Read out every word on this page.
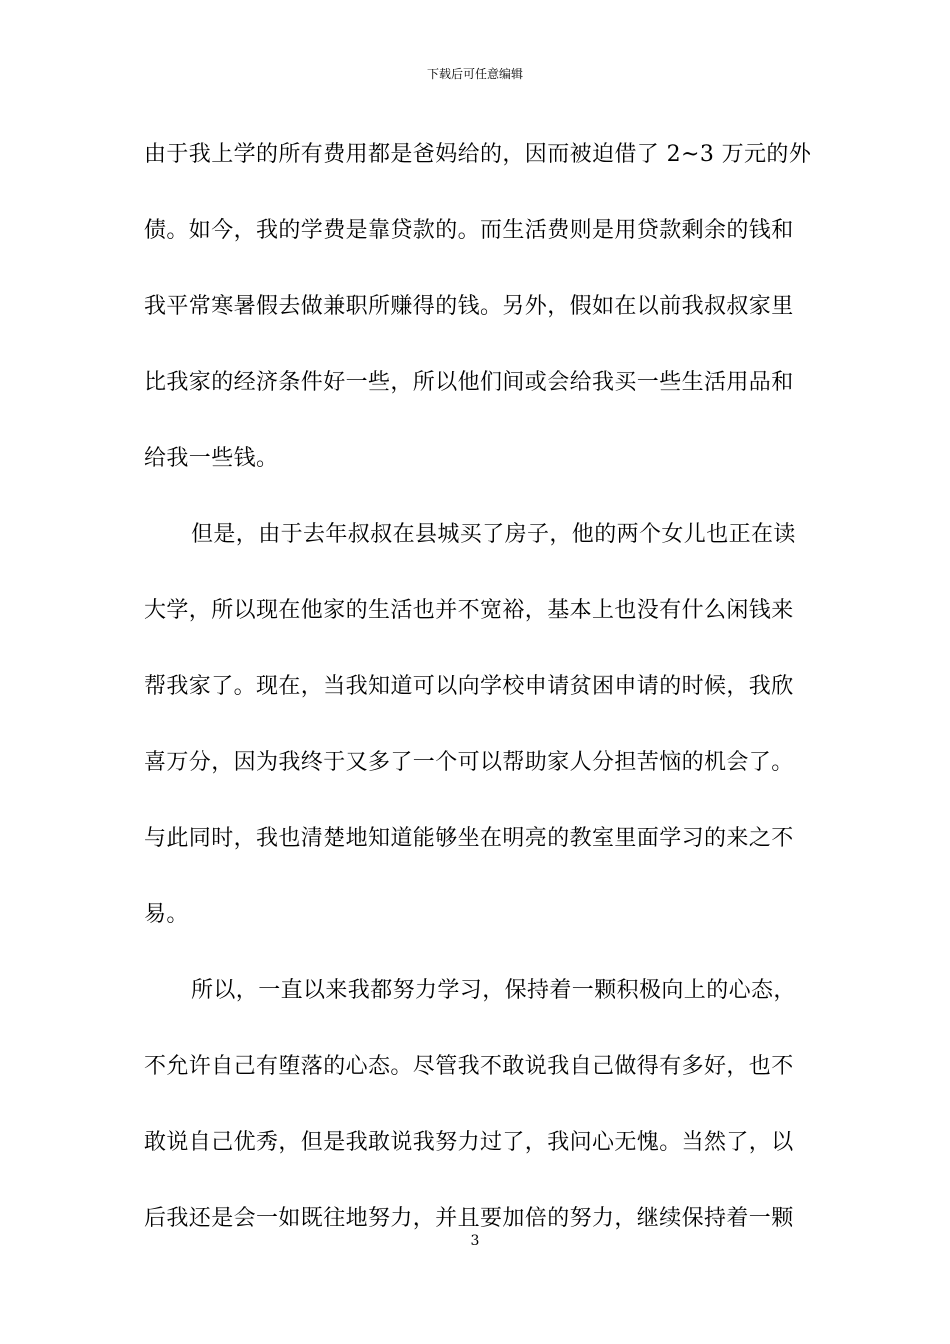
下载后可任意编辑
由于我上学的所有费用都是爸妈给的，因而被迫借了 2~3 万元的外
债。如今，我的学费是靠贷款的。而生活费则是用贷款剩余的钱和
我平常寒暑假去做兼职所赚得的钱。另外，假如在以前我叔叔家里
比我家的经济条件好一些，所以他们间或会给我买一些生活用品和
给我一些钱。
但是，由于去年叔叔在县城买了房子，他的两个女儿也正在读
大学，所以现在他家的生活也并不宽裕，基本上也没有什么闲钱来
帮我家了。现在，当我知道可以向学校申请贫困申请的时候，我欣
喜万分，因为我终于又多了一个可以帮助家人分担苦恼的机会了。
与此同时，我也清楚地知道能够坐在明亮的教室里面学习的来之不
易。
所以，一直以来我都努力学习，保持着一颗积极向上的心态，
不允许自己有堕落的心态。尽管我不敢说我自己做得有多好，也不
敢说自己优秀，但是我敢说我努力过了，我问心无愧。当然了，以
后我还是会一如既往地努力，并且要加倍的努力，继续保持着一颗
3
